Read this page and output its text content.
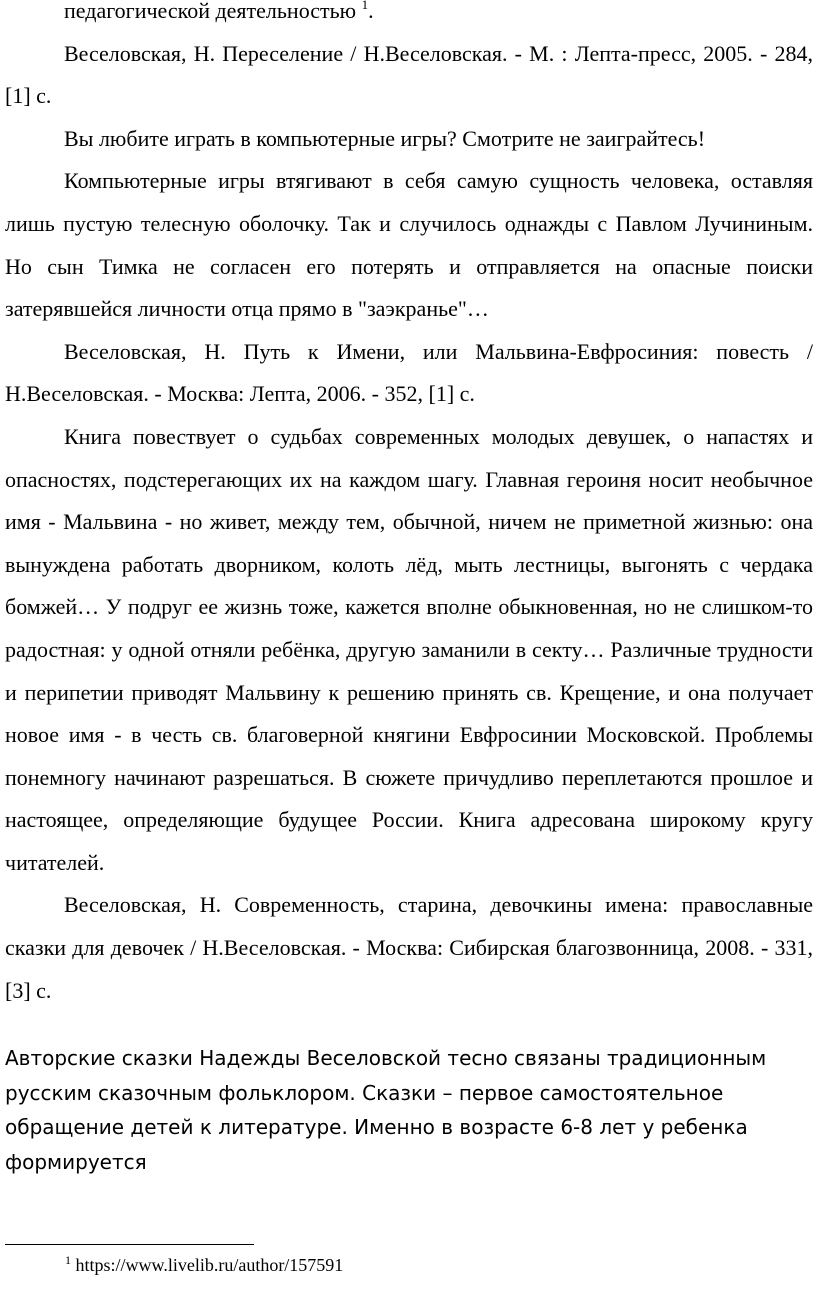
педагогической деятельностью $^1$.

Веселовская, Н. Переселение / Н.Веселовская. - М. : Лепта-пресс, 2005. - 284, [1] с.

Вы любите играть в компьютерные игры? Смотрите не заиграйтесь!

Компьютерные игры втягивают в себя самую сущность человека, оставляя лишь пустую телесную оболочку. Так и случилось однажды с Павлом Лучининым. Но сын Тимка не согласен его потерять и отправляется на опасные поиски затерявшейся личности отца прямо в "заэкранье"…

Веселовская, Н. Путь к Имени, или Мальвина-Евфросиния: повесть / Н.Веселовская. - Москва: Лепта, 2006. - 352, [1] с.

Книга повествует о судьбах современных молодых девушек, о напастях и опасностях, подстерегающих их на каждом шагу. Главная героиня носит необычное имя - Мальвина - но живет, между тем, обычной, ничем не приметной жизнью: она вынуждена работать дворником, колоть лёд, мыть лестницы, выгонять с чердака бомжей… У подруг ее жизнь тоже, кажется вполне обыкновенная, но не слишком-то радостная: у одной отняли ребёнка, другую заманили в секту… Различные трудности и перипетии приводят Мальвину к решению принять св. Крещение, и она получает новое имя - в честь св. благоверной княгини Евфросинии Московской. Проблемы понемногу начинают разрешаться. В сюжете причудливо переплетаются прошлое и настоящее, определяющие будущее России. Книга адресована широкому кругу читателей.

Веселовская, Н. Современность, старина, девочкины имена: православные сказки для девочек / Н.Веселовская. - Москва: Сибирская благозвонница, 2008. - 331, [3] с.

Авторские сказки Надежды Веселовской тесно связаны традиционным

русским сказочным фольклором. Сказки – первое самостоятельное

обращение детей к литературе. Именно в возрасте 6-8 лет у ребенка

формируется

$^1$ https://www.livelib.ru/author/157591
